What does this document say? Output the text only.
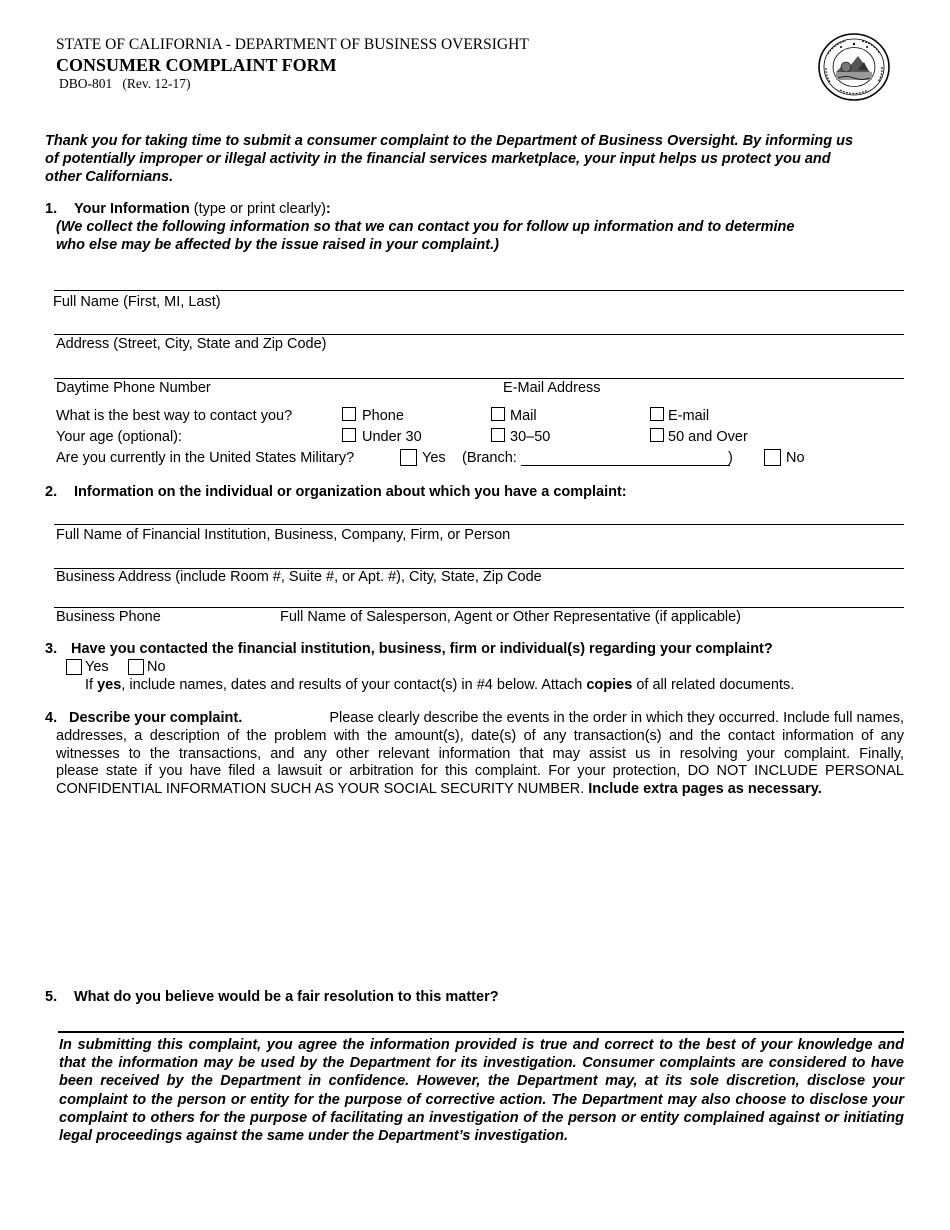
STATE OF CALIFORNIA - DEPARTMENT OF BUSINESS OVERSIGHT
CONSUMER COMPLAINT FORM
DBO-801   (Rev. 12-17)
Thank you for taking time to submit a consumer complaint to the Department of Business Oversight. By informing us of potentially improper or illegal activity in the financial services marketplace, your input helps us protect you and other Californians.
1. Your Information (type or print clearly):
(We collect the following information so that we can contact you for follow up information and to determine
who else may be affected by the issue raised in your complaint.)
Full Name (First, MI, Last)
Address (Street, City, State and Zip Code)
Daytime Phone Number	E-Mail Address
What is the best way to contact you?	Phone	Mail	E-mail
Your age (optional):	Under 30	30–50	50 and Over
Are you currently in the United States Military?	Yes (Branch:	)	No
2. Information on the individual or organization about which you have a complaint:
Full Name of Financial Institution, Business, Company, Firm, or Person
Business Address (include Room #, Suite #, or Apt. #), City, State, Zip Code
Business Phone	Full Name of Salesperson, Agent or Other Representative (if applicable)
3. Have you contacted the financial institution, business, firm or individual(s) regarding your complaint?
Yes	No
If yes, include names, dates and results of your contact(s) in #4 below. Attach copies of all related documents.
4. Describe your complaint.	Please clearly describe the events in the order in which they occurred. Include full names,
addresses, a description of the problem with the amount(s), date(s) of any transaction(s) and the contact information of any
witnesses to the transactions, and any other relevant information that may assist us in resolving your complaint. Finally,
please state if you have filed a lawsuit or arbitration for this complaint. For your protection, DO NOT INCLUDE PERSONAL
CONFIDENTIAL INFORMATION SUCH AS YOUR SOCIAL SECURITY NUMBER. Include extra pages as necessary.
5. What do you believe would be a fair resolution to this matter?
In submitting this complaint, you agree the information provided is true and correct to the best of your knowledge and that the information may be used by the Department for its investigation. Consumer complaints are considered to have been received by the Department in confidence. However, the Department may, at its sole discretion, disclose your complaint to the person or entity for the purpose of corrective action. The Department may also choose to disclose your complaint to others for the purpose of facilitating an investigation of the person or entity complained against or initiating legal proceedings against the same under the Department’s investigation.
